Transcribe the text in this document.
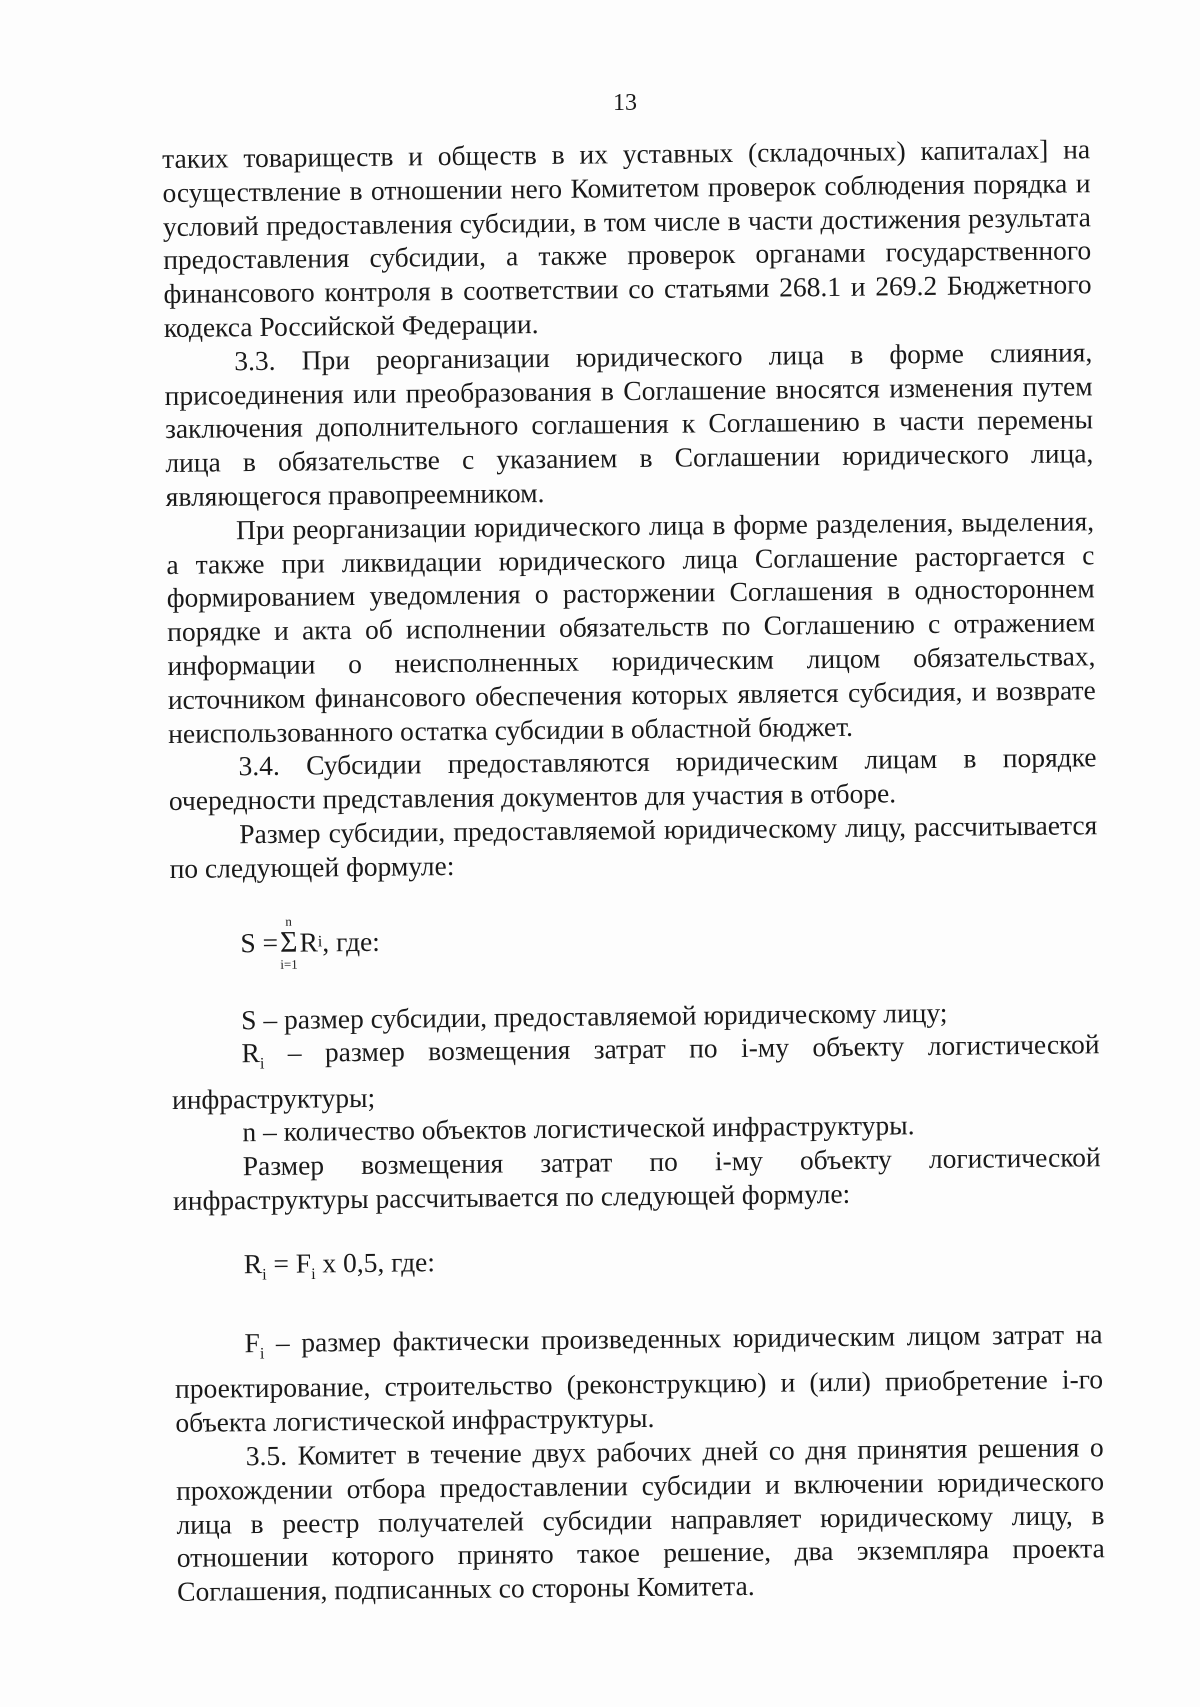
13

таких товариществ и обществ в их уставных (складочных) капиталах] на осуществление в отношении него Комитетом проверок соблюдения порядка и условий предоставления субсидии, в том числе в части достижения результата предоставления субсидии, а также проверок органами государственного финансового контроля в соответствии со статьями 268.1 и 269.2 Бюджетного кодекса Российской Федерации.

3.3. При реорганизации юридического лица в форме слияния, присоединения или преобразования в Соглашение вносятся изменения путем заключения дополнительного соглашения к Соглашению в части перемены лица в обязательстве с указанием в Соглашении юридического лица, являющегося правопреемником.

При реорганизации юридического лица в форме разделения, выделения, а также при ликвидации юридического лица Соглашение расторгается с формированием уведомления о расторжении Соглашения в одностороннем порядке и акта об исполнении обязательств по Соглашению с отражением информации о неисполненных юридическим лицом обязательствах, источником финансового обеспечения которых является субсидия, и возврате неиспользованного остатка субсидии в областной бюджет.

3.4. Субсидии предоставляются юридическим лицам в порядке очередности представления документов для участия в отборе.

Размер субсидии, предоставляемой юридическому лицу, рассчитывается по следующей формуле:

S =
n
Σ
i=1
R i , где:

S – размер субсидии, предоставляемой юридическому лицу;

$R_i$ – размер возмещения затрат по i-му объекту логистической инфраструктуры;

n – количество объектов логистической инфраструктуры.

Размер возмещения затрат по i-му объекту логистической инфраструктуры рассчитывается по следующей формуле:

$R_i = F_i$ x 0,5, где:

$F_i$ – размер фактически произведенных юридическим лицом затрат на проектирование, строительство (реконструкцию) и (или) приобретение i-го объекта логистической инфраструктуры.

3.5. Комитет в течение двух рабочих дней со дня принятия решения о прохождении отбора предоставлении субсидии и включении юридического лица в реестр получателей субсидии направляет юридическому лицу, в отношении которого принято такое решение, два экземпляра проекта Соглашения, подписанных со стороны Комитета.
